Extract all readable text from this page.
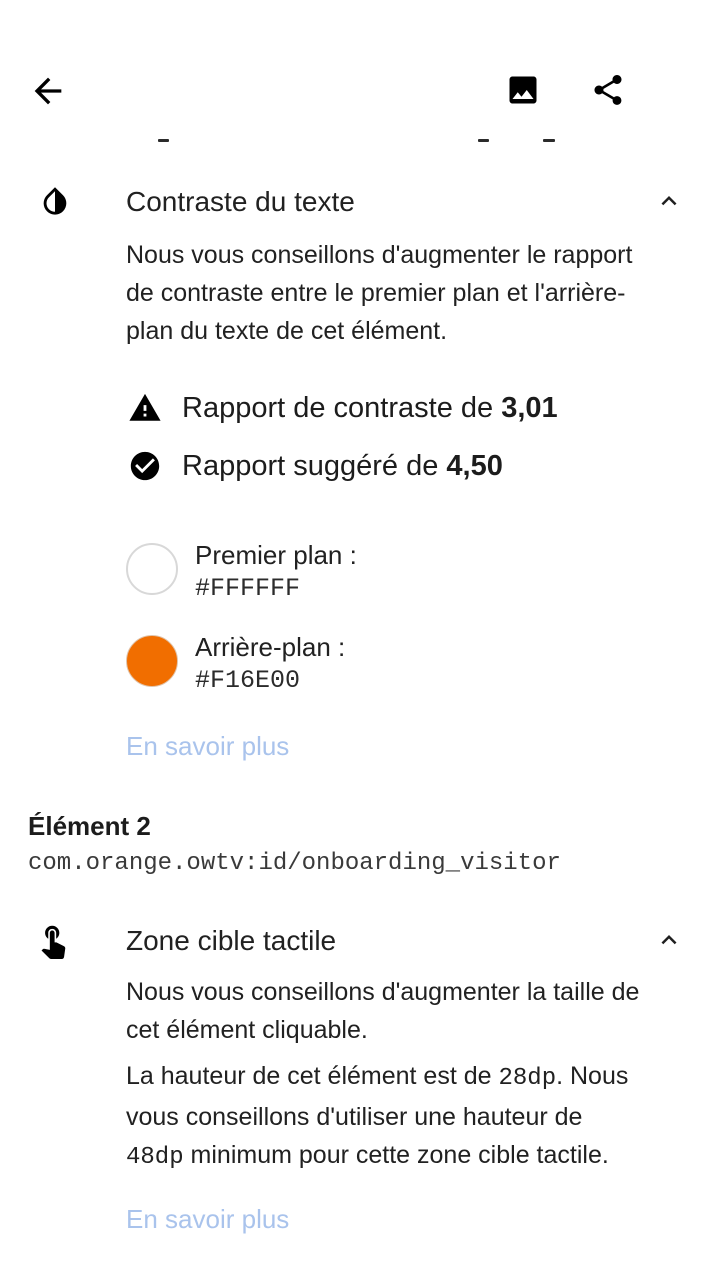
Contraste du texte

Nous vous conseillons d'augmenter le rapport de contraste entre le premier plan et l'arrière-plan du texte de cet élément.

Rapport de contraste de 3,01
Rapport suggéré de 4,50
Premier plan :
#FFFFFF
Arrière-plan :
#F16E00
En savoir plus
Élément 2
com.orange.owtv:id/onboarding_visitor
Zone cible tactile

Nous vous conseillons d'augmenter la taille de cet élément cliquable.

La hauteur de cet élément est de 28dp. Nous vous conseillons d'utiliser une hauteur de 48dp minimum pour cette zone cible tactile.

En savoir plus
